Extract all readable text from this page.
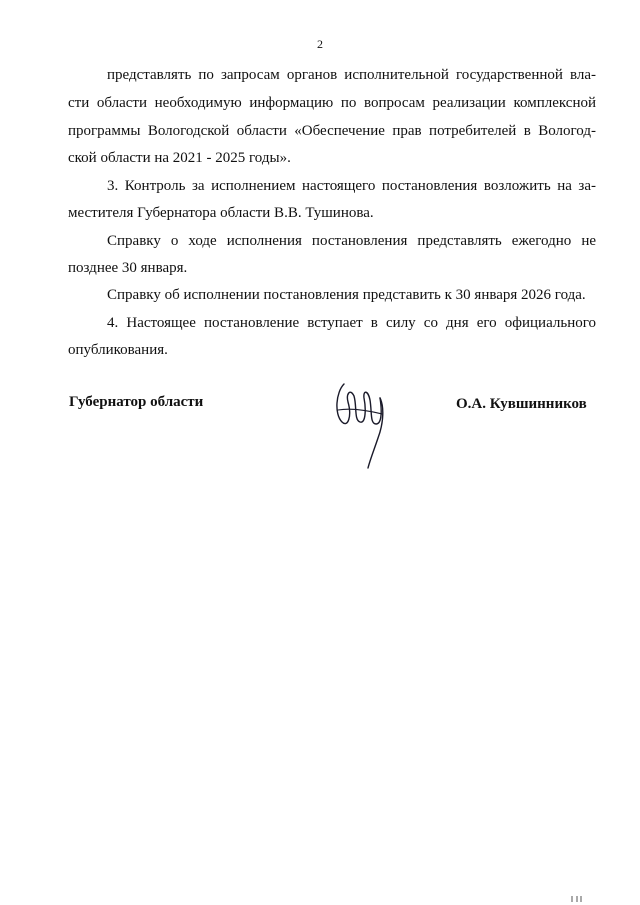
2
представлять по запросам органов исполнительной государственной вла-
сти области необходимую информацию по вопросам реализации комплексной
программы Вологодской области «Обеспечение прав потребителей в Вологод-
ской области на 2021 - 2025 годы».
3. Контроль за исполнением настоящего постановления возложить на за-
местителя Губернатора области В.В. Тушинова.
Справку о ходе исполнения постановления представлять ежегодно не
позднее 30 января.
Справку об исполнении постановления представить к 30 января 2026 года.
4. Настоящее постановление вступает в силу со дня его официального
опубликования.
Губернатор области	О.А. Кувшинников
